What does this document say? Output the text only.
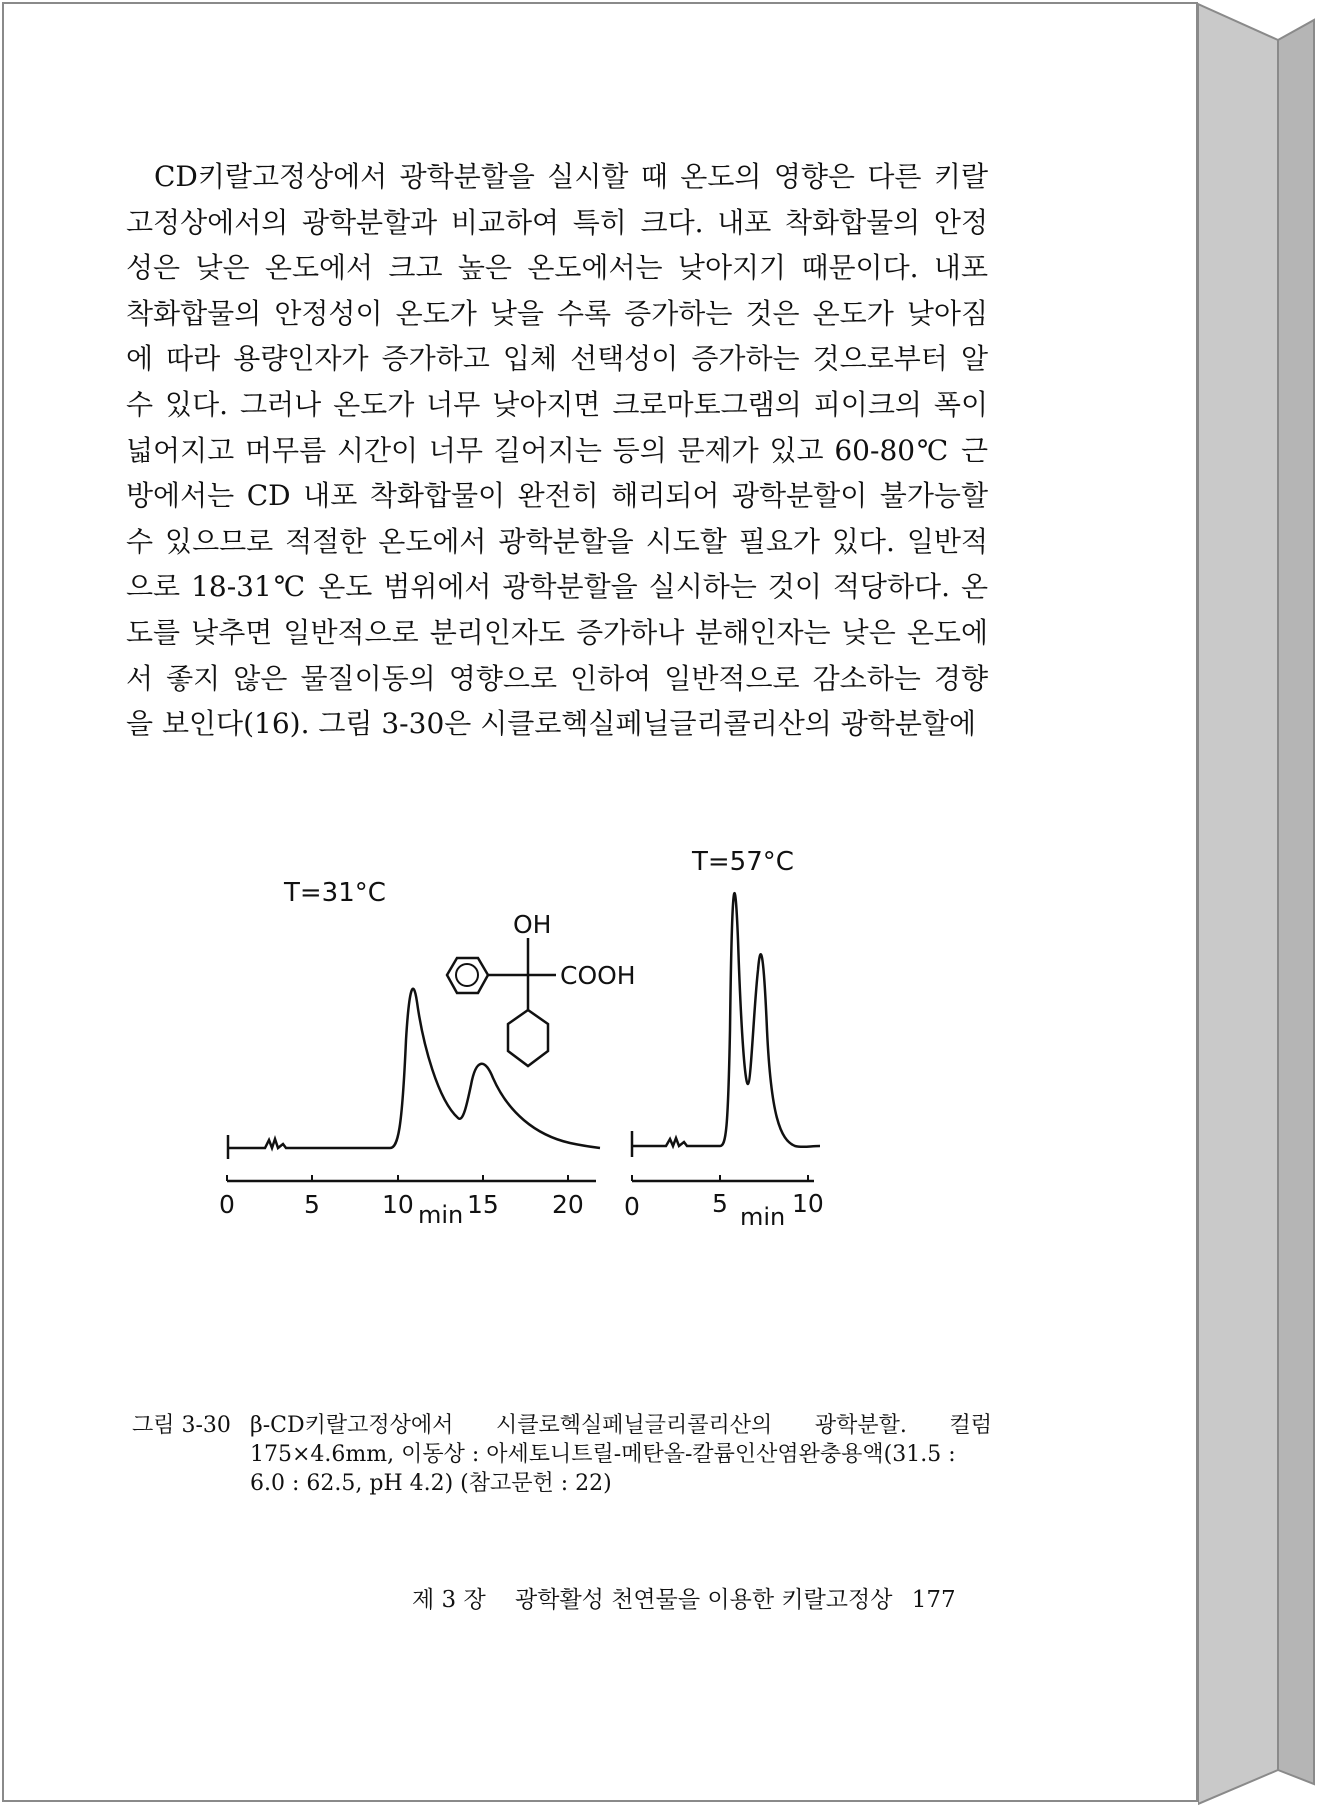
CD키랄고정상에서 광학분할을 실시할 때 온도의 영향은 다른 키랄
고정상에서의 광학분할과 비교하여 특히 크다. 내포 착화합물의 안정
성은 낮은 온도에서 크고 높은 온도에서는 낮아지기 때문이다. 내포
착화합물의 안정성이 온도가 낮을 수록 증가하는 것은 온도가 낮아짐
에 따라 용량인자가 증가하고 입체 선택성이 증가하는 것으로부터 알
수 있다. 그러나 온도가 너무 낮아지면 크로마토그램의 피이크의 폭이
넓어지고 머무름 시간이 너무 길어지는 등의 문제가 있고 60-80℃ 근
방에서는 CD 내포 착화합물이 완전히 해리되어 광학분할이 불가능할
수 있으므로 적절한 온도에서 광학분할을 시도할 필요가 있다. 일반적
으로 18-31℃ 온도 범위에서 광학분할을 실시하는 것이 적당하다. 온
도를 낮추면 일반적으로 분리인자도 증가하나 분해인자는 낮은 온도에
서 좋지 않은 물질이동의 영향으로 인하여 일반적으로 감소하는 경향
을 보인다(16). 그림 3-30은 시클로헥실페닐글리콜리산의 광학분할에
T=31°C
T=57°C
OH
COOH
0	5 10 15 20
min	0	5	10
min
그림 3-30 β-CD키랄고정상에서 시클로헥실페닐글리콜리산의 광학분할. 컬럼
175×4.6mm, 이동상 : 아세토니트릴-메탄올-칼륨인산염완충용액(31.5 :
6.0 : 62.5, pH 4.2) (참고문헌 : 22)
제 3 장 광학활성 천연물을 이용한 키랄고정상 177
